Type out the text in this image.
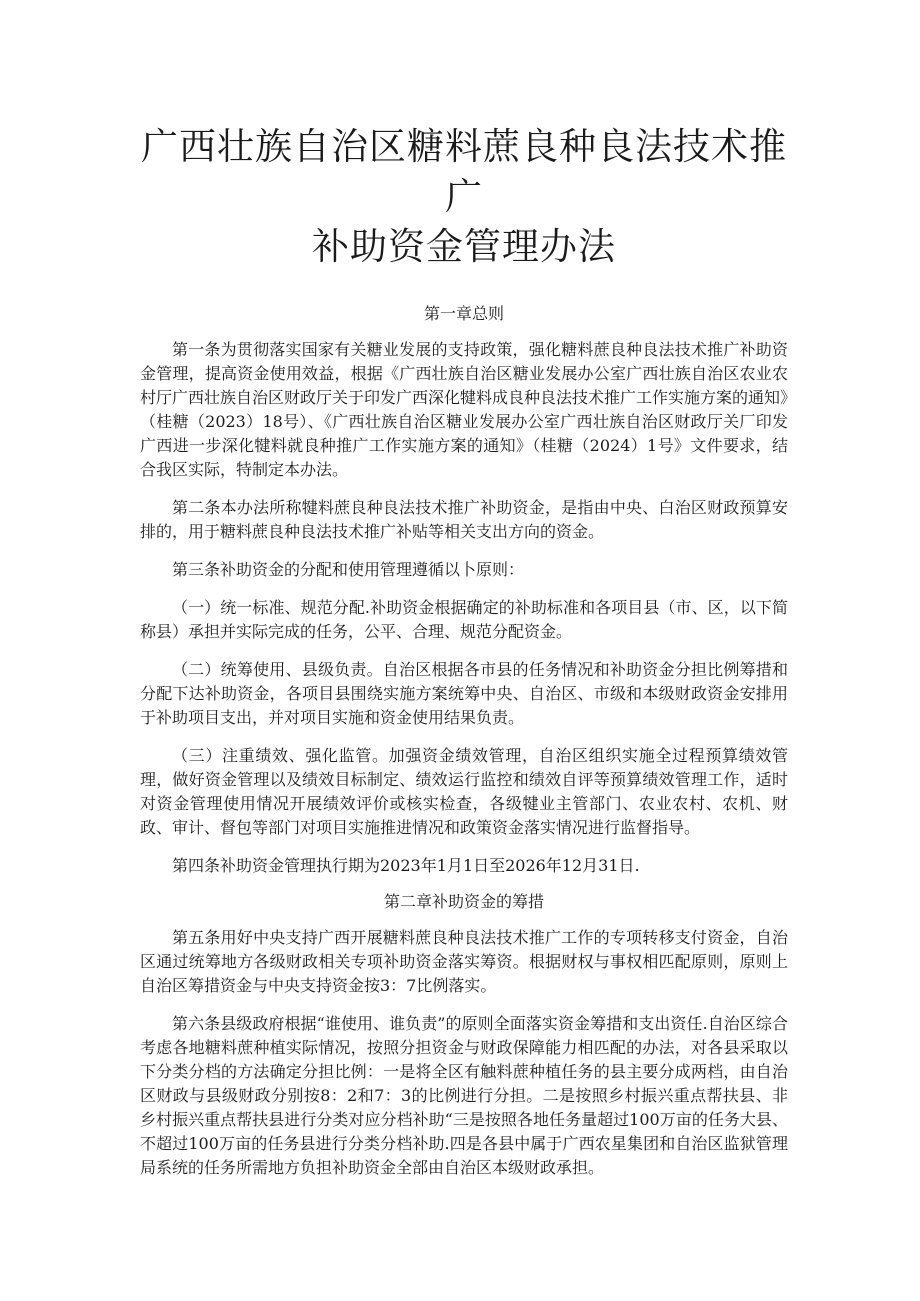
广西壮族自治区糖料蔗良种良法技术推广
补助资金管理办法

第一章总则

第一条为贯彻落实国家有关糖业发展的支持政策，强化糖料蔗良种良法技术推广补助资金管理，提高资金使用效益，根据《广西壮族自治区糖业发展办公室广西壮族自治区农业农村厅广西壮族自治区财政厅关于印发广西深化犍料成良种良法技术推广工作实施方案的通知》（桂糖（2023）18号）、《广西壮族自治区糖业发展办公室广西壮族自治区财政厅关厂印发广西进一步深化犍料就良种推广工作实施方案的通知》（桂糖（2024）1号》文件要求，结合我区实际，特制定本办法。

第二条本办法所称犍料蔗良种良法技术推广补助资金，是指由中央、白治区财政预算安排的，用于糖料蔗良种良法技术推广补贴等相关支出方向的资金。

第三条补助资金的分配和使用管理遵循以卜原则：

（一）统一标准、规范分配.补助资金根据确定的补助标准和各项目县（市、区，以下简称县）承担并实际完成的任务，公平、合理、规范分配资金。

（二）统筹使用、县级负责。自治区根据各市县的任务情况和补助资金分担比例筹措和分配下达补助资金，各项目县围绕实施方案统筹中央、自治区、市级和本级财政资金安排用于补助项目支出，并对项目实施和资金使用结果负责。

（三）注重绩效、强化监管。加强资金绩效管理，自治区组织实施全过程预算绩效管理，做好资金管理以及绩效目标制定、绩效运行监控和绩效自评等预算绩效管理工作，适时对资金管理使用情况开展绩效评价或核实检查，各级犍业主管部门、农业农村、农机、财政、审计、督包等部门对项目实施推进情况和政策资金落实情况进行监督指导。

第四条补助资金管理执行期为2023年1月1日至2026年12月31日.

第二章补助资金的筹措

第五条用好中央支持广西开展糖料蔗良种良法技术推广工作的专项转移支付资金，自治区通过统筹地方各级财政相关专项补助资金落实筹资。根据财权与事权相匹配原则，原则上自治区筹措资金与中央支持资金按3：7比例落实。

第六条县级政府根据“谁使用、谁负责”的原则全面落实资金筹措和支出资任.自治区综合考虑各地糖料蔗种植实际情况，按照分担资金与财政保障能力相匹配的办法，对各县采取以下分类分档的方法确定分担比例：一是将全区有触料蔗种植任务的县主要分成两档，由自治区财政与县级财政分别按8：2和7：3的比例进行分担。二是按照乡村振兴重点帮扶县、非乡村振兴重点帮扶县进行分类对应分档补助“三是按照各地任务量超过100万亩的任务大县、不超过100万亩的任务县进行分类分档补助.四是各县中属于广西农星集团和自治区监狱管理局系统的任务所需地方负担补助资金全部由自治区本级财政承担。
